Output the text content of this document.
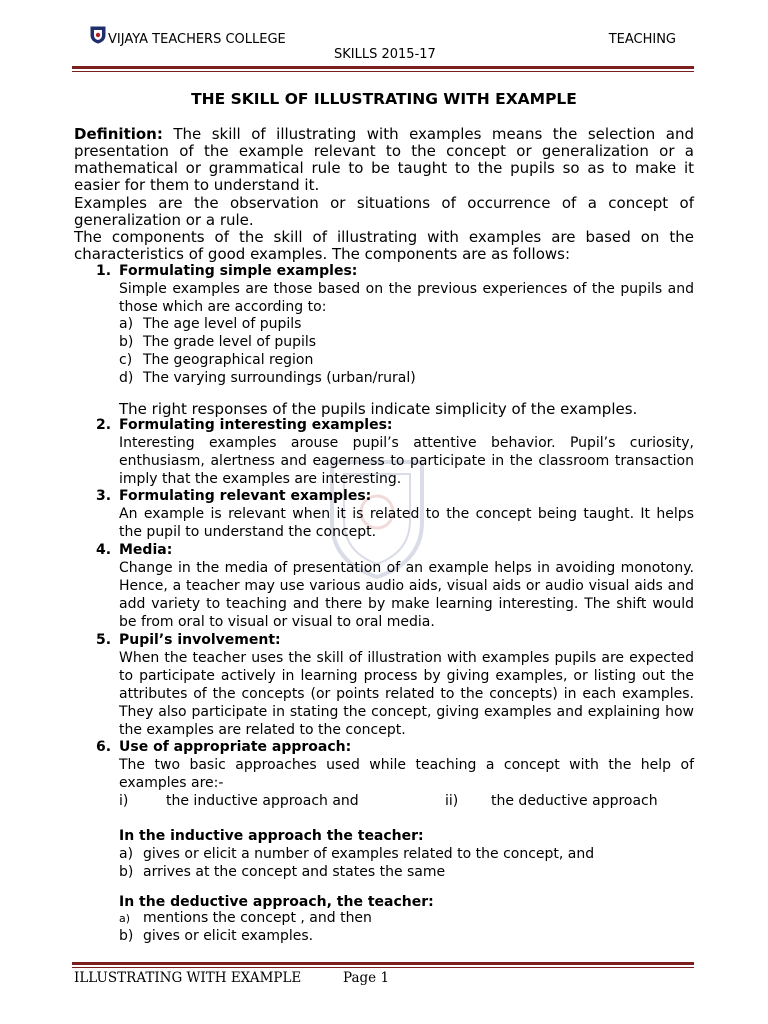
VIJAYA TEACHERS COLLEGE	TEACHING
SKILLS 2015-17
THE SKILL OF ILLUSTRATING WITH EXAMPLE
Definition: The skill of illustrating with examples means the selection and presentation of the example relevant to the concept or generalization or a mathematical or grammatical rule to be taught to the pupils so as to make it easier for them to understand it.
Examples are the observation or situations of occurrence of a concept of generalization or a rule.
The components of the skill of illustrating with examples are based on the characteristics of good examples. The components are as follows:
1. Formulating simple examples:
Simple examples are those based on the previous experiences of the pupils and those which are according to:
a) The age level of pupils
b) The grade level of pupils
c) The geographical region
d) The varying surroundings (urban/rural)
The right responses of the pupils indicate simplicity of the examples.
2. Formulating interesting examples:
Interesting examples arouse pupil’s attentive behavior. Pupil’s curiosity, enthusiasm, alertness and eagerness to participate in the classroom transaction imply that the examples are interesting.
3. Formulating relevant examples:
An example is relevant when it is related to the concept being taught. It helps the pupil to understand the concept.
4. Media:
Change in the media of presentation of an example helps in avoiding monotony. Hence, a teacher may use various audio aids, visual aids or audio visual aids and add variety to teaching and there by make learning interesting. The shift would be from oral to visual or visual to oral media.
5. Pupil’s involvement:
When the teacher uses the skill of illustration with examples pupils are expected to participate actively in learning process by giving examples, or listing out the attributes of the concepts (or points related to the concepts) in each examples. They also participate in stating the concept, giving examples and explaining how the examples are related to the concept.
6. Use of appropriate approach:
The two basic approaches used while teaching a concept with the help of examples are:-
i)	the inductive approach and	ii) the deductive approach
In the inductive approach the teacher:
a) gives or elicit a number of examples related to the concept, and
b) arrives at the concept and states the same
In the deductive approach, the teacher:
a) mentions the concept , and then
b) gives or elicit examples.
ILLUSTRATING WITH EXAMPLE	Page 1
